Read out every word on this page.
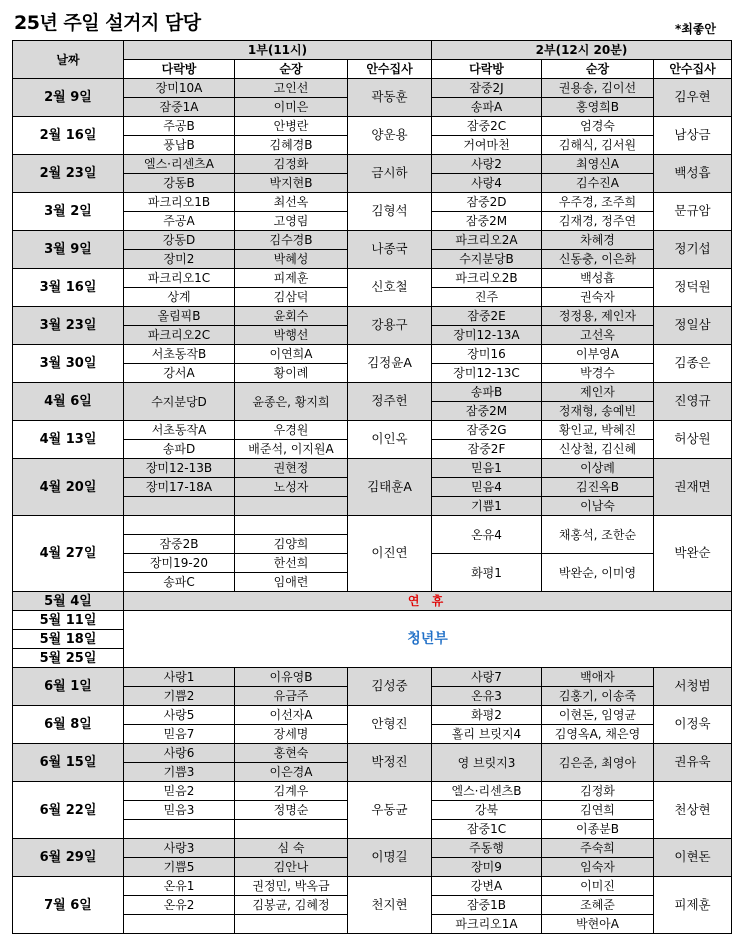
25년 주일 설거지 담당	*최좋안
날짜	1부(11시)			2부(12시 20분)		
	다락방	순장	안수집사	다락방	순장	안수집사
2월 9일	장미10A	고인선	곽동훈	잠중2J	권용송, 김이선	김우현
	잠중1A	이미은		송파A	홍영희B	
2월 16일	주공B	안병란	양운용	잠중2C	엄경숙	남상금
	풍납B	김혜경B		거여마천	김해식, 김서원	
2월 23일	엘스·리센츠A	김정화	금시하	사랑2	최영신A	백성흡
	강동B	박지현B		사랑4	김수진A	
3월 2일	파크리오1B	최선옥	김형석	잠중2D	우주경, 조주희	문규암
	주공A	고영림		잠중2M	김재경, 정주연	
3월 9일	강동D	김수경B	나종국	파크리오2A	차혜경	정기섭
	장미2	박혜성		수지분당B	신동충, 이은화	
3월 16일	파크리오1C	피제훈	신호철	파크리오2B	백성흡	정덕원
	상계	김삼덕		진주	권숙자	
3월 23일	올림픽B	윤회수	강용구	잠중2E	정정용, 제인자	정일삼
	파크리오2C	박행선		장미12-13A	고선옥	
3월 30일	서초동작B	이연희A	김정윤A	장미16	이부영A	김종은
	강서A	황이례		장미12-13C	박경수	
4월 6일	수지분당D	윤종은, 황지희	정주헌	송파B	제인자	진영규
				잠중2M	정재형, 송예빈	
4월 13일	서초동작A	우경원	이인옥	잠중2G	황인교, 박혜진	허상원
	송파D	배준석, 이지원A		잠중2F	신상철, 김신혜	
4월 20일	장미12-13B	권현정	김태훈A	믿음1	이상례	권재면
	장미17-18A	노성자		믿음4	김진옥B	
				기쁨1	이남숙	
4월 27일			이진연	온유4	채홍석, 조한순	박완순
	잠중2B	김양희				
	장미19-20	한선희		화평1	박완순, 이미영	
	송파C	임애련				
5월 4일	연 휴					
5월 11일	청년부					
5월 18일						
5월 25일						
6월 1일	사랑1	이유영B	김성중	사랑7	백애자	서청범
	기쁨2	유금주		온유3	김홍기, 이송죽	
6월 8일	사랑5	이선자A	안형진	화평2	이현돈, 임영균	이정욱
	믿음7	장세명		홀리 브릿지4	김영옥A, 채은영	
6월 15일	사랑6	홍현숙	박정진	영 브릿지3	김은준, 최영아	권유욱
	기쁨3	이은경A				
6월 22일	믿음2	김계우	우동균	엘스·리센츠B	김정화	천상현
	믿음3	정명순		강북	김연희	
				잠중1C	이종분B	
6월 29일	사랑3	심 숙	이명길	주동행	주숙희	이현돈
	기쁨5	김안나		장미9	임숙자	
7월 6일	온유1	권정민, 박옥금	천지현	강변A	이미진	피제훈
	온유2	김봉균, 김혜정		잠중1B	조혜준	
				파크리오1A	박현아A	
